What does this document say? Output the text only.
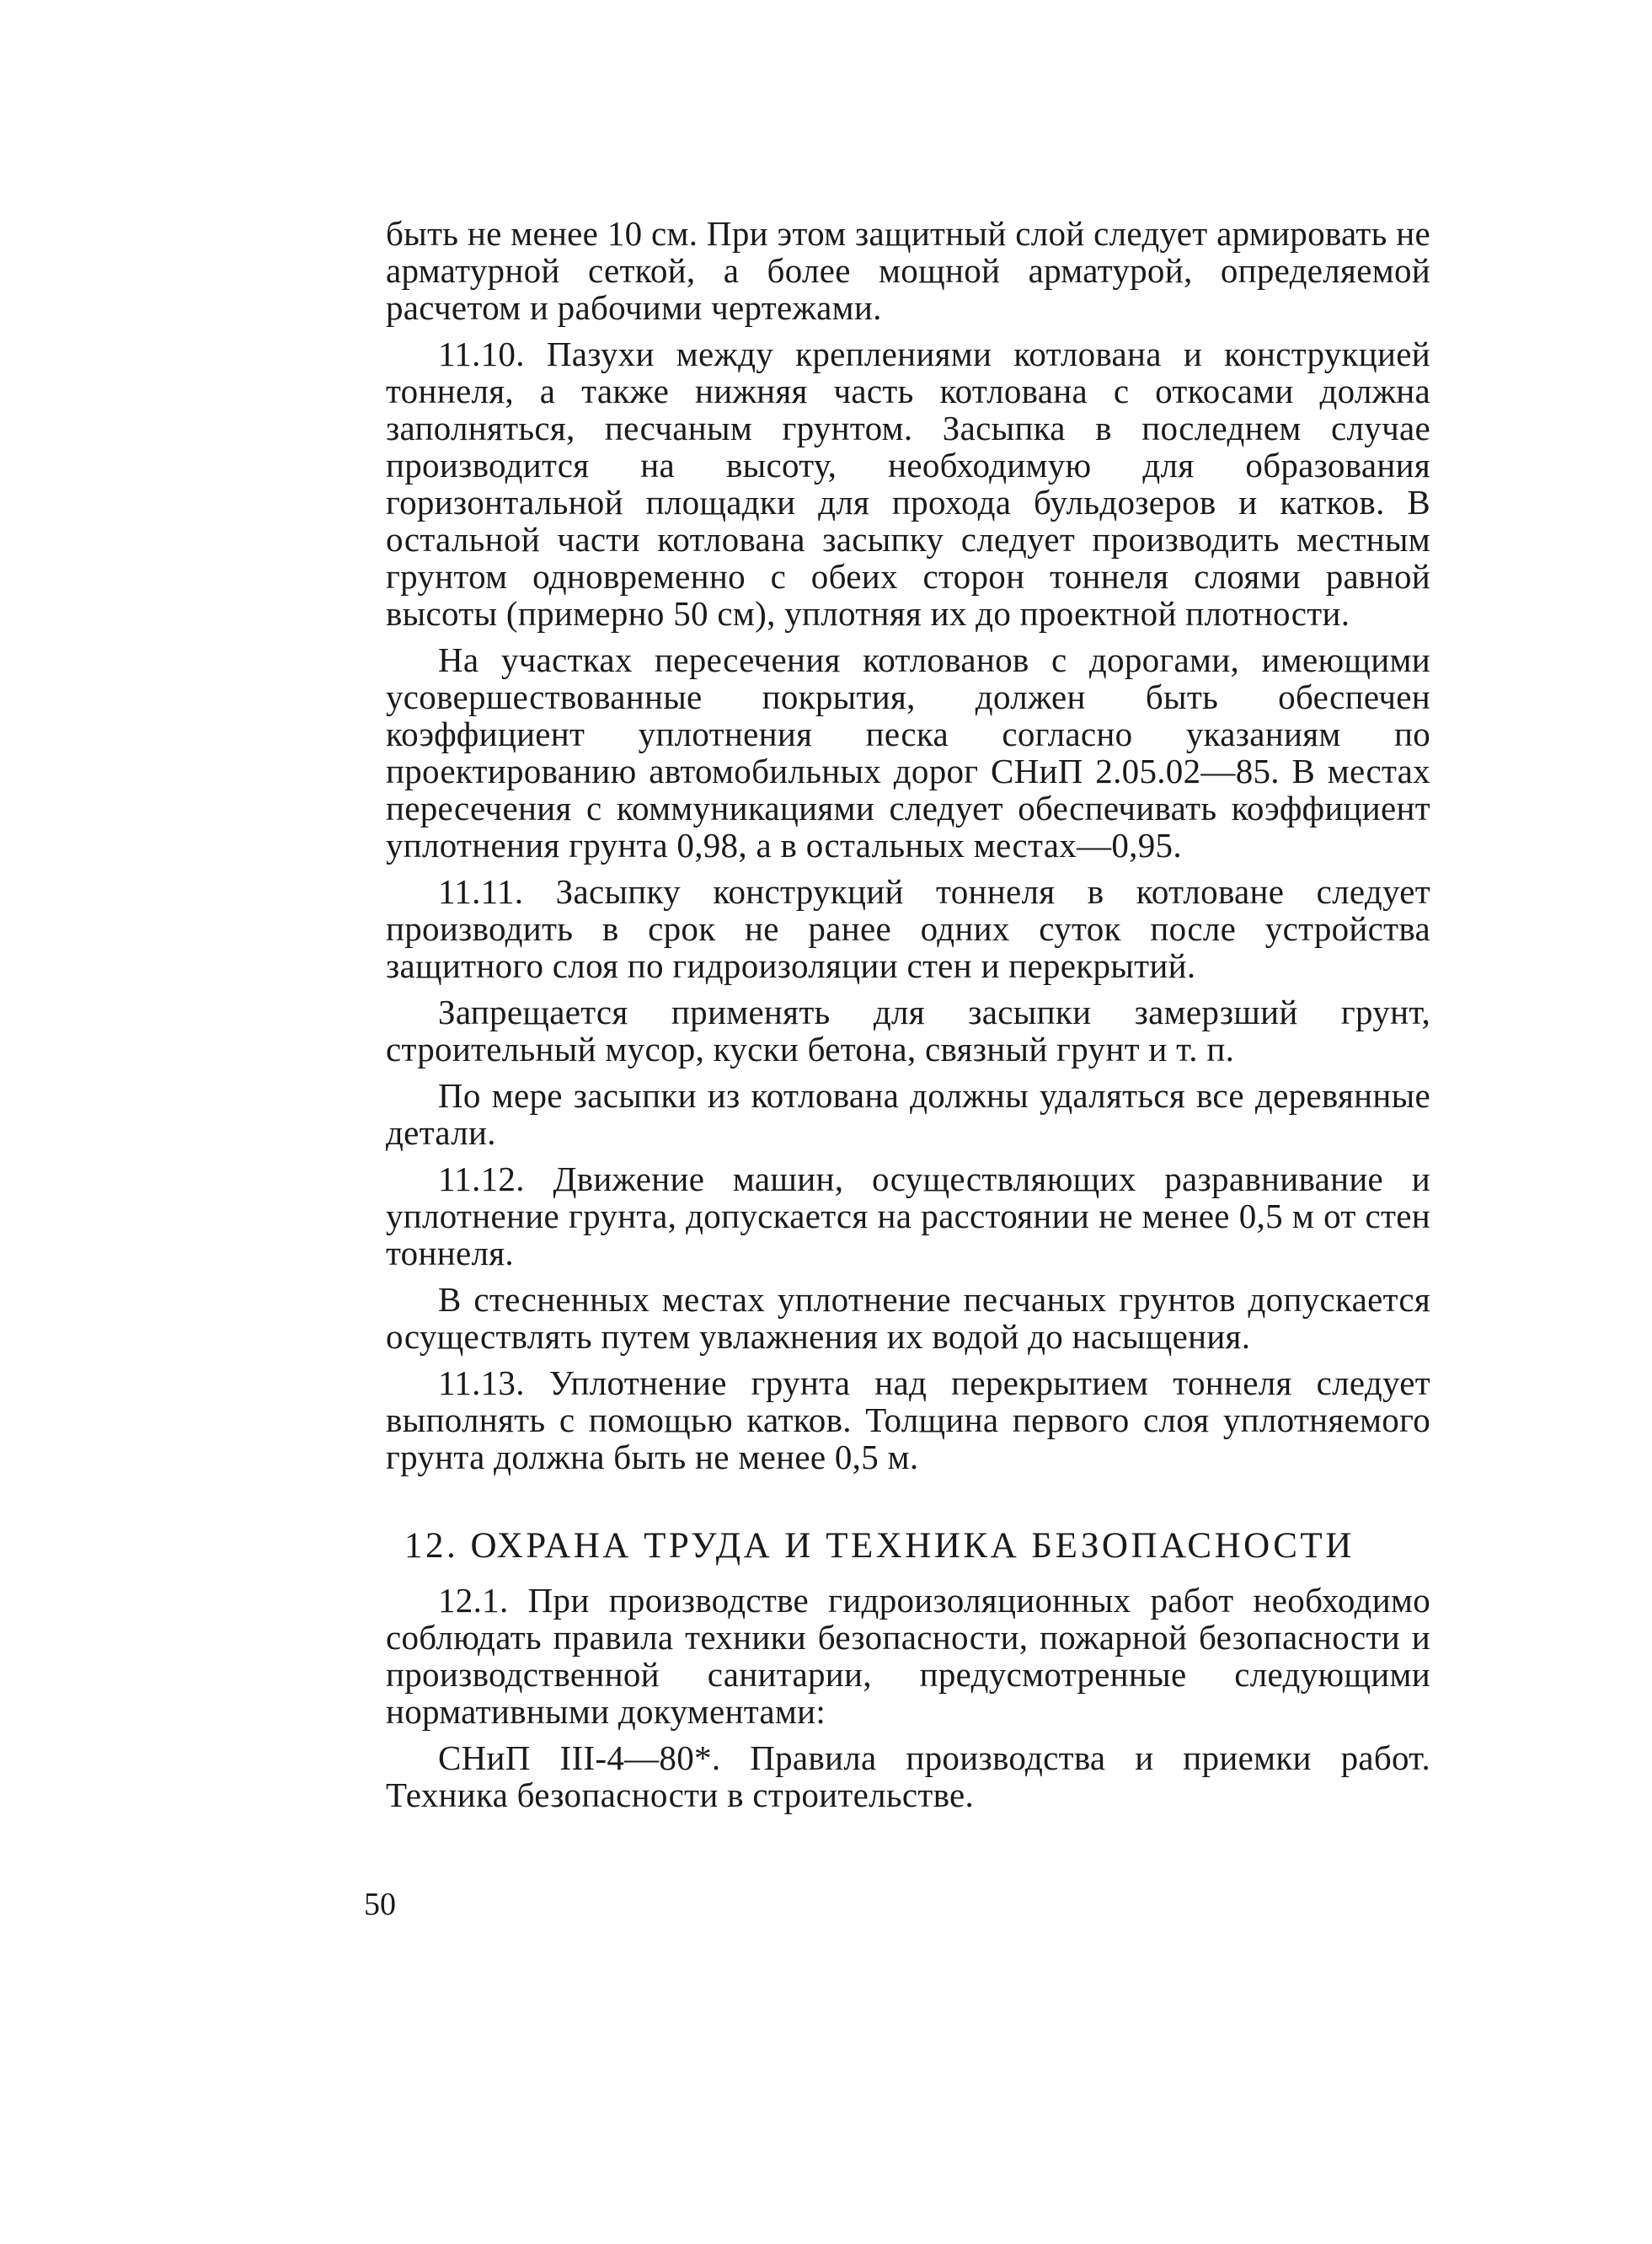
быть не менее 10 см. При этом защитный слой следует армировать не арматурной сеткой, а более мощной арматурой, определяемой расчетом и рабочими чертежами.

11.10. Пазухи между креплениями котлована и конструкцией тоннеля, а также нижняя часть котлована с откосами должна заполняться, песчаным грунтом. Засыпка в последнем случае производится на высоту, необходимую для образования горизонтальной площадки для прохода бульдозеров и катков. В остальной части котлована засыпку следует производить местным грунтом одновременно с обеих сторон тоннеля слоями равной высоты (примерно 50 см), уплотняя их до проектной плотности.

На участках пересечения котлованов с дорогами, имеющими усовершествованные покрытия, должен быть обеспечен коэффициент уплотнения песка согласно указаниям по проектированию автомобильных дорог СНиП 2.05.02—85. В местах пересечения с коммуникациями следует обеспечивать коэффициент уплотнения грунта 0,98, а в остальных местах—0,95.

11.11. Засыпку конструкций тоннеля в котловане следует производить в срок не ранее одних суток после устройства защитного слоя по гидроизоляции стен и перекрытий.

Запрещается применять для засыпки замерзший грунт, строительный мусор, куски бетона, связный грунт и т. п.

По мере засыпки из котлована должны удаляться все деревянные детали.

11.12. Движение машин, осуществляющих разравнивание и уплотнение грунта, допускается на расстоянии не менее 0,5 м от стен тоннеля.

В стесненных местах уплотнение песчаных грунтов допускается осуществлять путем увлажнения их водой до насыщения.

11.13. Уплотнение грунта над перекрытием тоннеля следует выполнять с помощью катков. Толщина первого слоя уплотняемого грунта должна быть не менее 0,5 м.

12. ОХРАНА ТРУДА И ТЕХНИКА БЕЗОПАСНОСТИ

12.1. При производстве гидроизоляционных работ необходимо соблюдать правила техники безопасности, пожарной безопасности и производственной санитарии, предусмотренные следующими нормативными документами:

СНиП III-4—80*. Правила производства и приемки работ. Техника безопасности в строительстве.

50
